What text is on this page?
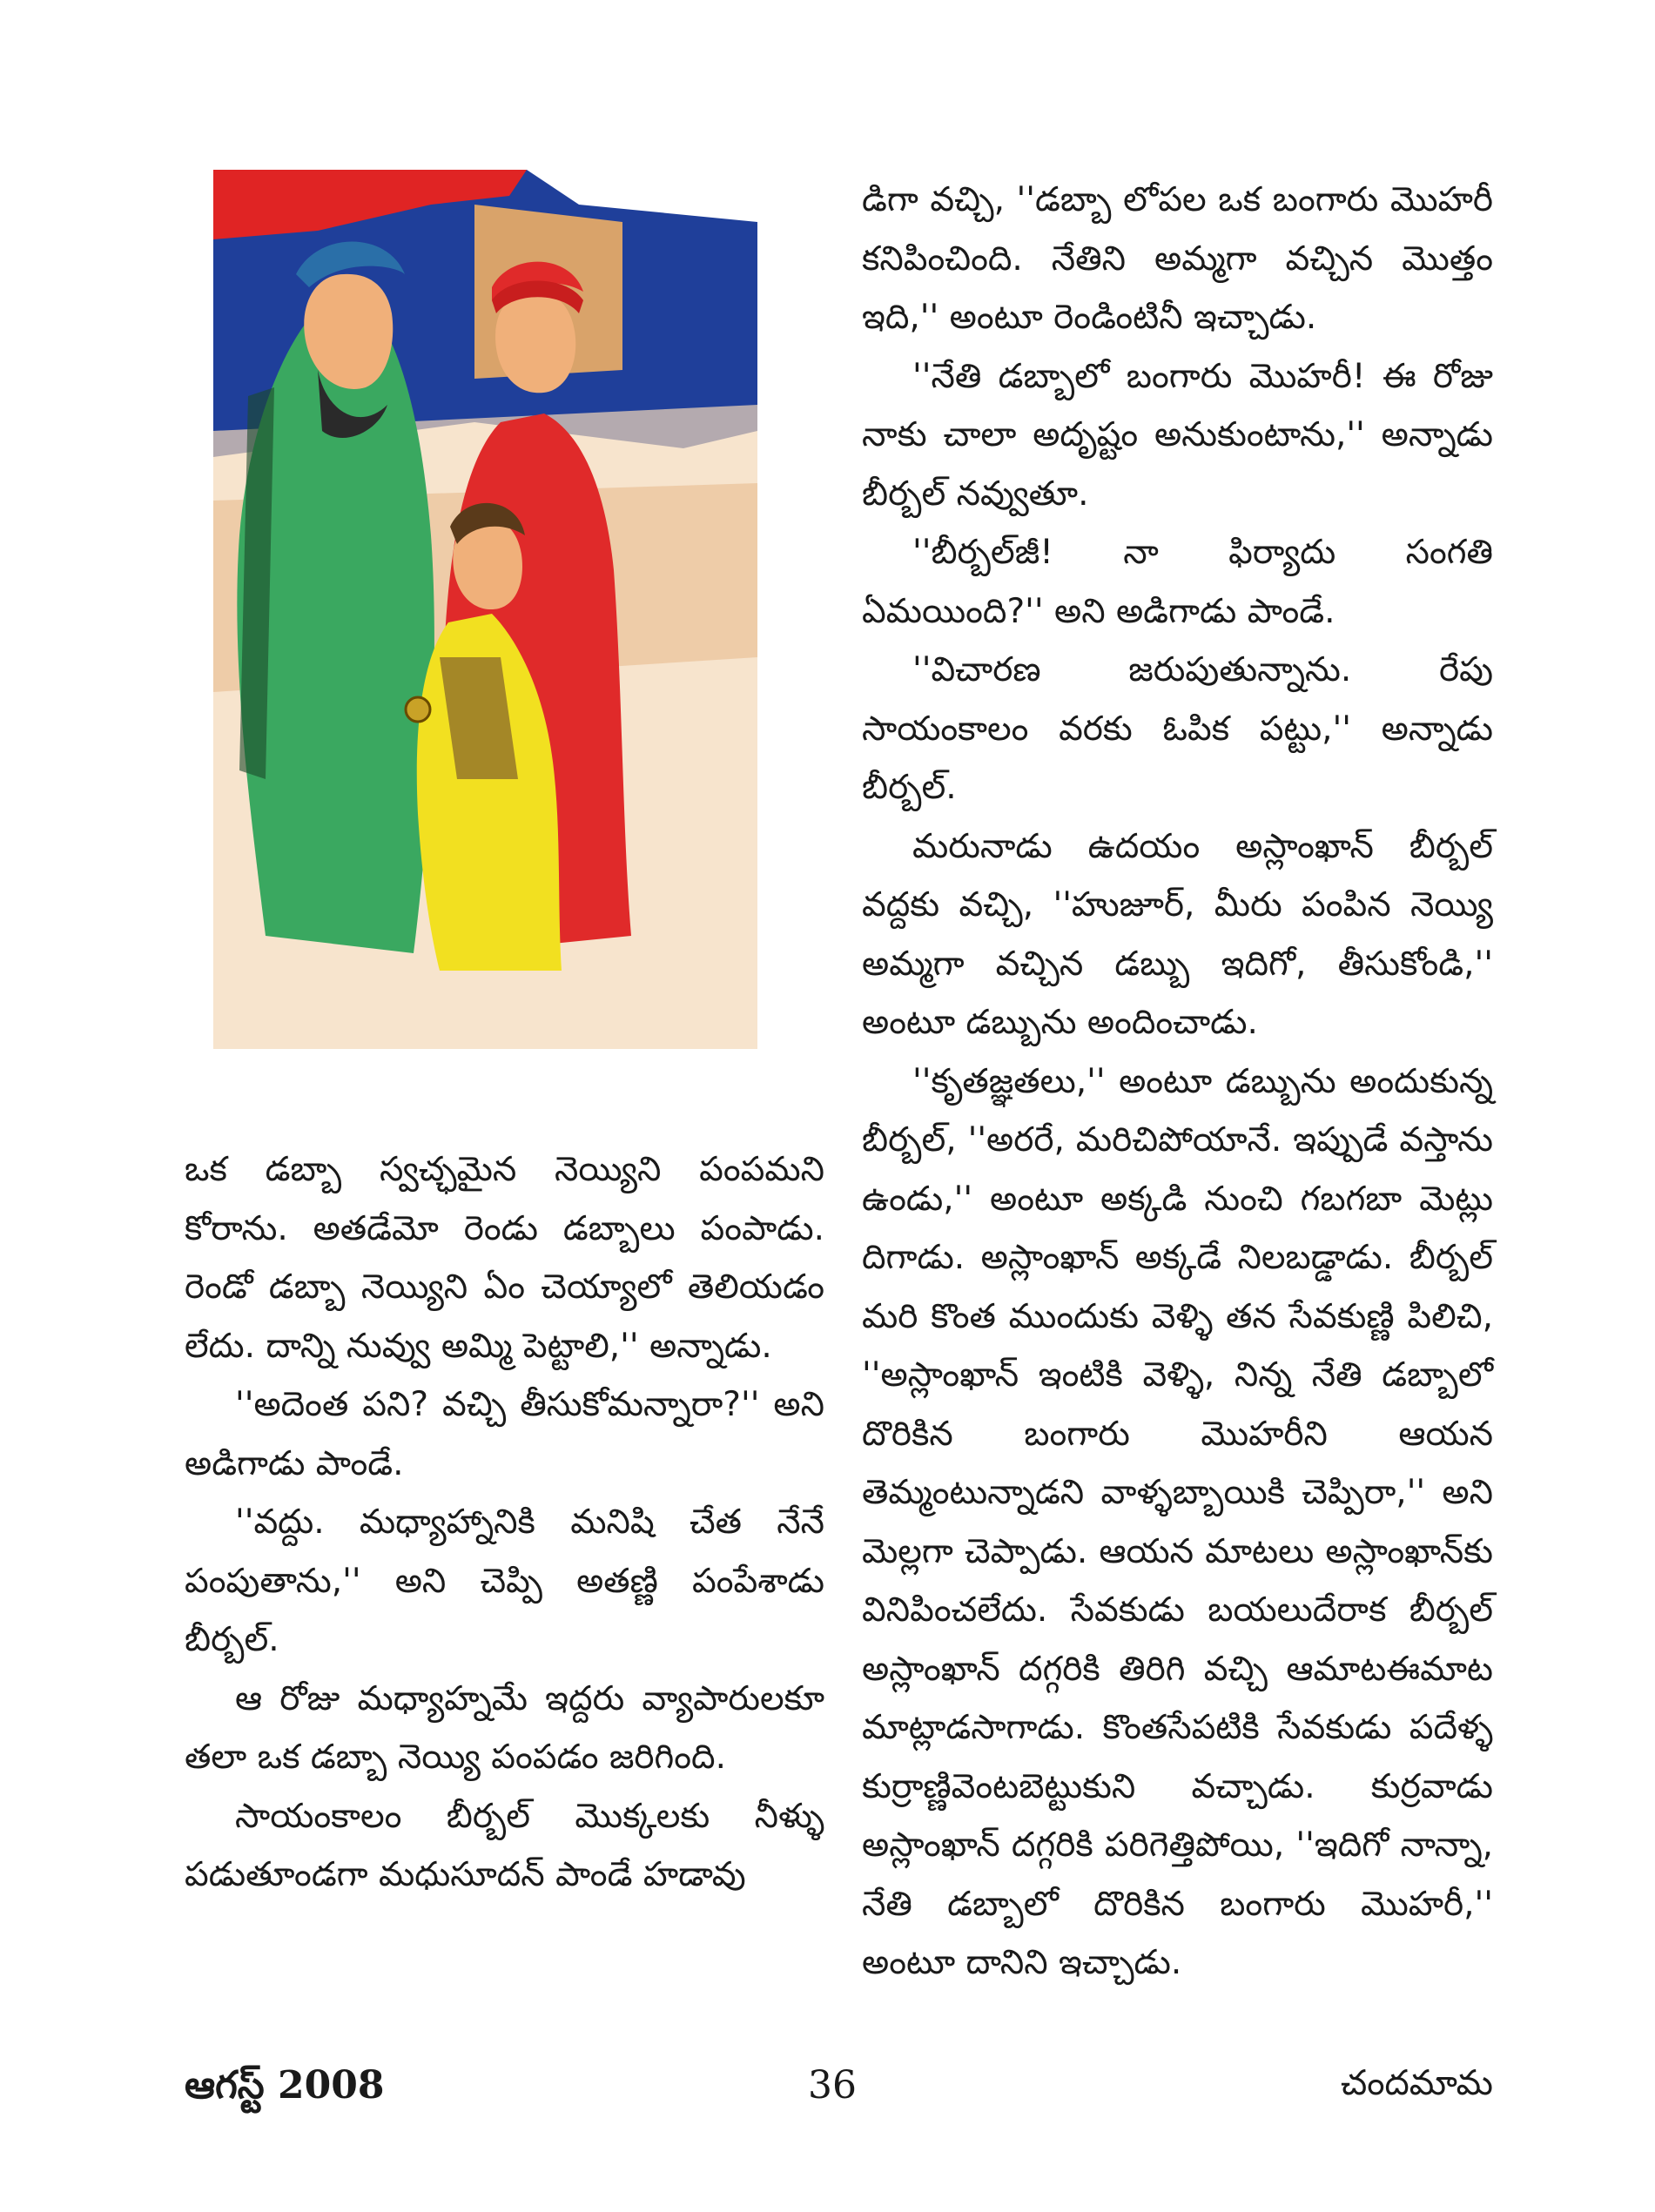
ఒక డబ్బా స్వచ్ఛమైన నెయ్యిని పంపమని కోరాను. అతడేమో రెండు డబ్బాలు పంపాడు. రెండో డబ్బా నెయ్యిని ఏం చెయ్యాలో తెలియడం లేదు. దాన్ని నువ్వు అమ్మి పెట్టాలి,'' అన్నాడు.

''అదెంత పని? వచ్చి తీసుకోమన్నారా?'' అని అడిగాడు పాండే.

''వద్దు. మధ్యాహ్నానికి మనిషి చేత నేనే పంపుతాను,'' అని చెప్పి అతణ్ణి పంపేశాడు బీర్బల్.

ఆ రోజు మధ్యాహ్నమే ఇద్దరు వ్యాపారులకూ తలా ఒక డబ్బా నెయ్యి పంపడం జరిగింది.

సాయంకాలం బీర్బల్ మొక్కలకు నీళ్ళు పడుతూండగా మధుసూదన్ పాండే హడావు

డిగా వచ్చి, ''డబ్బా లోపల ఒక బంగారు మొహరీ కనిపించింది. నేతిని అమ్మగా వచ్చిన మొత్తం ఇది,'' అంటూ రెండింటినీ ఇచ్చాడు.

''నేతి డబ్బాలో బంగారు మొహరీ! ఈ రోజు నాకు చాలా అదృష్టం అనుకుంటాను,'' అన్నాడు బీర్బల్ నవ్వుతూ.

''బీర్బల్‌జీ! నా ఫిర్యాదు సంగతి ఏమయింది?'' అని అడిగాడు పాండే.

''విచారణ జరుపుతున్నాను. రేపు సాయంకాలం వరకు ఓపిక పట్టు,'' అన్నాడు బీర్బల్.

మరునాడు ఉదయం అస్లాంఖాన్ బీర్బల్ వద్దకు వచ్చి, ''హుజూర్, మీరు పంపిన నెయ్యి అమ్మగా వచ్చిన డబ్బు ఇదిగో, తీసుకోండి,'' అంటూ డబ్బును అందించాడు.

''కృతజ్ఞతలు,'' అంటూ డబ్బును అందుకున్న బీర్బల్, ''అరరే, మరిచిపోయానే. ఇప్పుడే వస్తాను ఉండు,'' అంటూ అక్కడి నుంచి గబగబా మెట్లు దిగాడు. అస్లాంఖాన్ అక్కడే నిలబడ్డాడు. బీర్బల్ మరి కొంత ముందుకు వెళ్ళి తన సేవకుణ్ణి పిలిచి, ''అస్లాంఖాన్ ఇంటికి వెళ్ళి, నిన్న నేతి డబ్బాలో దొరికిన బంగారు మొహరీని ఆయన తెమ్మంటున్నాడని వాళ్ళబ్బాయికి చెప్పిరా,'' అని మెల్లగా చెప్పాడు. ఆయన మాటలు అస్లాంఖాన్‌కు వినిపించలేదు. సేవకుడు బయలుదేరాక బీర్బల్ అస్లాంఖాన్ దగ్గరికి తిరిగి వచ్చి ఆమాటఈమాట మాట్లాడసాగాడు. కొంతసేపటికి సేవకుడు పదేళ్ళ కుర్రాణ్ణివెంటబెట్టుకుని వచ్చాడు. కుర్రవాడు అస్లాంఖాన్ దగ్గరికి పరిగెత్తిపోయి, ''ఇదిగో నాన్నా, నేతి డబ్బాలో దొరికిన బంగారు మొహరీ,'' అంటూ దానిని ఇచ్చాడు.

ఆగస్ట్ 2008	36	చందమామ
